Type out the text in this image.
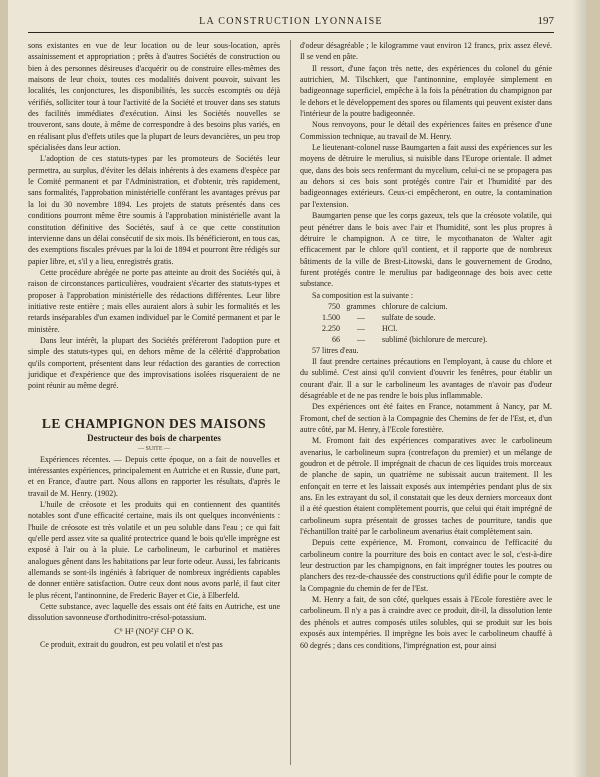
LA CONSTRUCTION LYONNAISE	197

sons existantes en vue de leur location ou de leur sous-location, après assainissement et appropriation ; prêts à d'autres Sociétés de construction ou bien à des personnes désireuses d'acquérir ou de construire elles-mêmes des maisons de leur choix, toutes ces modalités doivent pouvoir, suivant les localités, les conjonctures, les disponibilités, les succès escomptés ou déjà vérifiés, solliciter tour à tour l'activité de la Société et trouver dans ses statuts des facilités immédiates d'exécution. Ainsi les Sociétés nouvelles se trouveront, sans doute, à même de correspondre à des besoins plus variés, en en réalisant plus d'effets utiles que la plupart de leurs devancières, un peu trop spécialisées dans leur action.

L'adoption de ces statuts-types par les promoteurs de Sociétés leur permettra, au surplus, d'éviter les délais inhérents à des examens d'espèce par le Comité permanent et par l'Administration, et d'obtenir, très rapidement, sans formalités, l'approbation ministérielle conférant les avantages prévus par la loi du 30 novembre 1894. Les projets de statuts présentés dans ces conditions pourront même être soumis à l'approbation ministérielle avant la constitution définitive des Sociétés, sauf à ce que cette constitution intervienne dans un délai consécutif de six mois. Ils bénéficieront, en tous cas, des exemptions fiscales prévues par la loi de 1894 et pourront être rédigés sur papier libre, et, s'il y a lieu, enregistrés gratis.

Cette procédure abrégée ne porte pas atteinte au droit des Sociétés qui, à raison de circonstances particulières, voudraient s'écarter des statuts-types et proposer à l'approbation ministérielle des rédactions différentes. Leur libre initiative reste entière ; mais elles auraient alors à subir les formalités et les retards inséparables d'un examen individuel par le Comité permanent et par le ministère.

Dans leur intérêt, la plupart des Sociétés préféreront l'adoption pure et simple des statuts-types qui, en dehors même de la célérité d'approbation qu'ils comportent, présentent dans leur rédaction des garanties de correction juridique et d'expérience que des improvisations isolées risqueraient de ne point réunir au même degré.

LE CHAMPIGNON DES MAISONS
Destructeur des bois de charpentes
— SUITE —

Expériences récentes. — Depuis cette époque, on a fait de nouvelles et intéressantes expériences, principalement en Autriche et en Russie, d'une part, et en France, d'autre part. Nous allons en rapporter les résultats, d'après le travail de M. Henry. (1902).

L'huile de créosote et les produits qui en contiennent des quantités notables sont d'une efficacité certaine, mais ils ont quelques inconvénients : l'huile de créosote est très volatile et un peu soluble dans l'eau ; ce qui fait qu'elle perd assez vite sa qualité protectrice quand le bois qu'elle imprègne est exposé à l'air ou à la pluie. Le carbolineum, le carburinol et matières analogues gênent dans les habitations par leur forte odeur. Aussi, les fabricants allemands se sont-ils ingéniés à fabriquer de nombreux ingrédients capables de donner entière satisfaction. Outre ceux dont nous avons parlé, il faut citer le plus récent, l'antinonnine, de Frederic Bayer et Cie, à Elberfeld.

Cette substance, avec laquelle des essais ont été faits en Autriche, est une dissolution savonneuse d'orthodinitro-crésol-potassium.

C⁶ H² (NO²)² CH³ O K.

Ce produit, extrait du goudron, est peu volatil et n'est pas

d'odeur désagréable ; le kilogramme vaut environ 12 francs, prix assez élevé. Il se vend en pâte.

Il ressort, d'une façon très nette, des expériences du colonel du génie autrichien, M. Tilschkert, que l'antinonnine, employée simplement en badigeonnage superficiel, empêche à la fois la pénétration du champignon par le dehors et le développement des spores ou filaments qui peuvent exister dans l'intérieur de la poutre badigeonnée.

Nous renvoyons, pour le détail des expériences faites en présence d'une Commission technique, au travail de M. Henry.

Le lieutenant-colonel russe Baumgarten a fait aussi des expériences sur les moyens de détruire le merulius, si nuisible dans l'Europe orientale. Il admet que, dans des bois secs renfermant du mycelium, celui-ci ne se propagera pas au dehors si ces bois sont protégés contre l'air et l'humidité par des badigeonnages extérieurs. Ceux-ci empêcheront, en outre, la contamination par l'extension.

Baumgarten pense que les corps gazeux, tels que la créosote volatile, qui peut pénétrer dans le bois avec l'air et l'humidité, sont les plus propres à détruire le champignon. A ce titre, le mycothanaton de Walter agit efficacement par le chlore qu'il contient, et il rapporte que de nombreux bâtiments de la ville de Brest-Litowski, dans le gouvernement de Grodno, furent protégés contre le merulius par badigeonnage des bois avec cette substance.

Sa composition est la suivante :

750	grammes	chlorure de calcium.
1.500	—	sulfate de soude.
2.250	—	HCl.
66	—	sublimé (bichlorure de mercure).
57 litres d'eau.		

Il faut prendre certaines précautions en l'employant, à cause du chlore et du sublimé. C'est ainsi qu'il convient d'ouvrir les fenêtres, pour établir un courant d'air. Il a sur le carbolineum les avantages de n'avoir pas d'odeur désagréable et de ne pas rendre le bois plus inflammable.

Des expériences ont été faites en France, notamment à Nancy, par M. Fromont, chef de section à la Compagnie des Chemins de fer de l'Est, et, d'un autre côté, par M. Henry, à l'Ecole forestière.

M. Fromont fait des expériences comparatives avec le carbolineum avenarius, le carbolineum supra (contrefaçon du premier) et un mélange de goudron et de pétrole. Il imprégnait de chacun de ces liquides trois morceaux de planche de sapin, un quatrième ne subissait aucun traitement. Il les enfonçait en terre et les laissait exposés aux intempéries pendant plus de six ans. En les extrayant du sol, il constatait que les deux derniers morceaux dont il a été question étaient complètement pourris, que celui qui était imprégné de carbolineum supra présentait de grosses taches de pourriture, tandis que l'échantillon traité par le carbolineum avenarius était complètement sain.

Depuis cette expérience, M. Fromont, convaincu de l'efficacité du carbolineum contre la pourriture des bois en contact avec le sol, c'est-à-dire leur destruction par les champignons, en fait imprégner toutes les poutres ou planchers des rez-de-chaussée des constructions qu'il édifie pour le compte de la Compagnie du chemin de fer de l'Est.

M. Henry a fait, de son côté, quelques essais à l'Ecole forestière avec le carbolineum. Il n'y a pas à craindre avec ce produit, dit-il, la dissolution lente des phénols et autres composés utiles solubles, qui se produit sur les bois exposés aux intempéries. Il imprègne les bois avec le carbolineum chauffé à 60 degrés ; dans ces conditions, l'imprégnation est, pour ainsi
